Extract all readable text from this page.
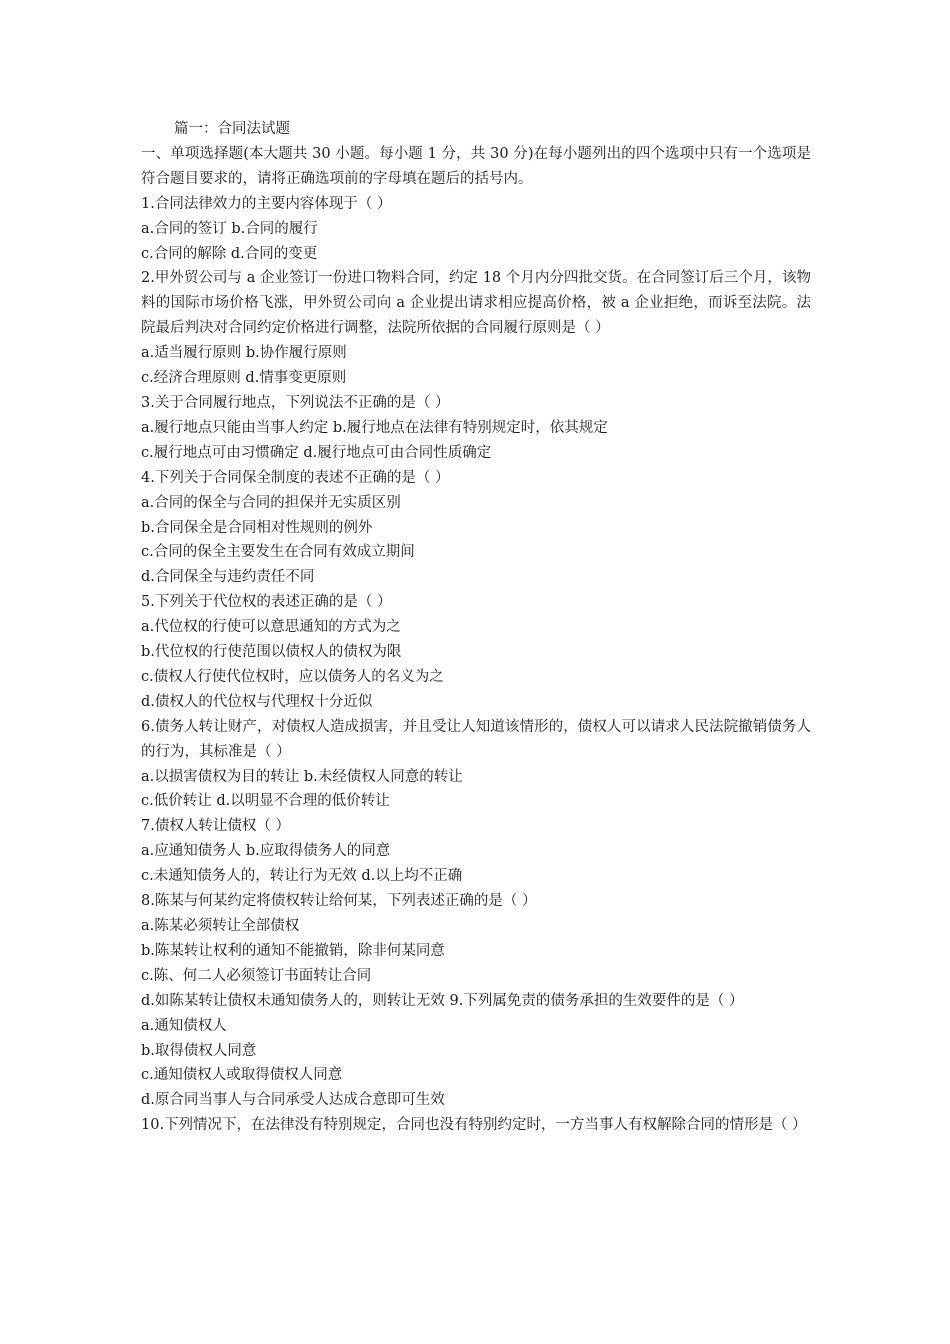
篇一：合同法试题

一、单项选择题(本大题共 30 小题。每小题 1 分，共 30 分)在每小题列出的四个选项中只有一个选项是符合题目要求的，请将正确选项前的字母填在题后的括号内。

1.合同法律效力的主要内容体现于（ ）

a.合同的签订 b.合同的履行

c.合同的解除 d.合同的变更

2.甲外贸公司与 a 企业签订一份进口物料合同，约定 18 个月内分四批交货。在合同签订后三个月，该物料的国际市场价格飞涨，甲外贸公司向 a 企业提出请求相应提高价格，被 a 企业拒绝，而诉至法院。法院最后判决对合同约定价格进行调整，法院所依据的合同履行原则是（ ）

a.适当履行原则 b.协作履行原则

c.经济合理原则 d.情事变更原则

3.关于合同履行地点，下列说法不正确的是（ ）

a.履行地点只能由当事人约定 b.履行地点在法律有特别规定时，依其规定

c.履行地点可由习惯确定 d.履行地点可由合同性质确定

4.下列关于合同保全制度的表述不正确的是（ ）

a.合同的保全与合同的担保并无实质区别

b.合同保全是合同相对性规则的例外

c.合同的保全主要发生在合同有效成立期间

d.合同保全与违约责任不同

5.下列关于代位权的表述正确的是（ ）

a.代位权的行使可以意思通知的方式为之

b.代位权的行使范围以债权人的债权为限

c.债权人行使代位权时，应以债务人的名义为之

d.债权人的代位权与代理权十分近似

6.债务人转让财产，对债权人造成损害，并且受让人知道该情形的，债权人可以请求人民法院撤销债务人的行为，其标准是（ ）

a.以损害债权为目的转让 b.未经债权人同意的转让

c.低价转让 d.以明显不合理的低价转让

7.债权人转让债权（ ）

a.应通知债务人 b.应取得债务人的同意

c.未通知债务人的，转让行为无效 d.以上均不正确

8.陈某与何某约定将债权转让给何某，下列表述正确的是（ ）

a.陈某必须转让全部债权

b.陈某转让权利的通知不能撤销，除非何某同意

c.陈、何二人必须签订书面转让合同

d.如陈某转让债权未通知债务人的，则转让无效 9.下列属免责的债务承担的生效要件的是（ ）

a.通知债权人

b.取得债权人同意

c.通知债权人或取得债权人同意

d.原合同当事人与合同承受人达成合意即可生效

10.下列情况下，在法律没有特别规定，合同也没有特别约定时，一方当事人有权解除合同的情形是（ ）
